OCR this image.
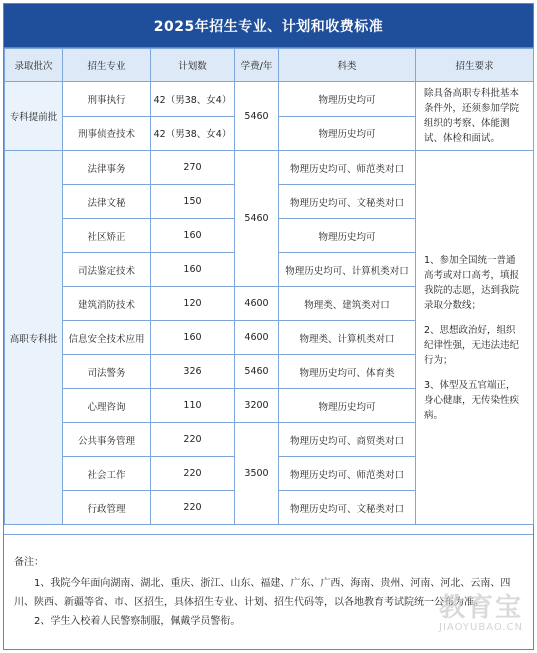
2025年招生专业、计划和收费标准
录取批次	招生专业	计划数	学费/年	科类	招生要求
专科提前批	刑事执行	42（男38、女4）	5460	物理历史均可	除具备高职专科批基本条件外，还须参加学院组织的考察、体能测试、体检和面试。
	刑事侦查技术	42（男38、女4）		物理历史均可	
高职专科批	法律事务	270	5460	物理历史均可、师范类对口	1、参加全国统一普通高考或对口高考，填报我院的志愿，达到我院录取分数线；

2、思想政治好，组织纪律性强，无违法违纪行为；

3、体型及五官端正，身心健康，无传染性疾病。

	法律文秘	150		物理历史均可、文秘类对口	
	社区矫正	160		物理历史均可	
	司法鉴定技术	160		物理历史均可、计算机类对口	
	建筑消防技术	120	4600	物理类、建筑类对口	
	信息安全技术应用	160	4600	物理类、计算机类对口	
	司法警务	326	5460	物理历史均可、体育类	
	心理咨询	110	3200	物理历史均可	
	公共事务管理	220	3500	物理历史均可、商贸类对口	
	社会工作	220		物理历史均可、师范类对口	
	行政管理	220		物理历史均可、文秘类对口	
备注：
1、我院今年面向湖南、湖北、重庆、浙江、山东、福建、广东、广西、海南、贵州、河南、河北、云南、四川、陕西、新疆等省、市、区招生，具体招生专业、计划、招生代码等，以各地教育考试院统一公布为准。
2、学生入校着人民警察制服，佩戴学员警衔。	教育宝
JIAOYUBAO.CN
